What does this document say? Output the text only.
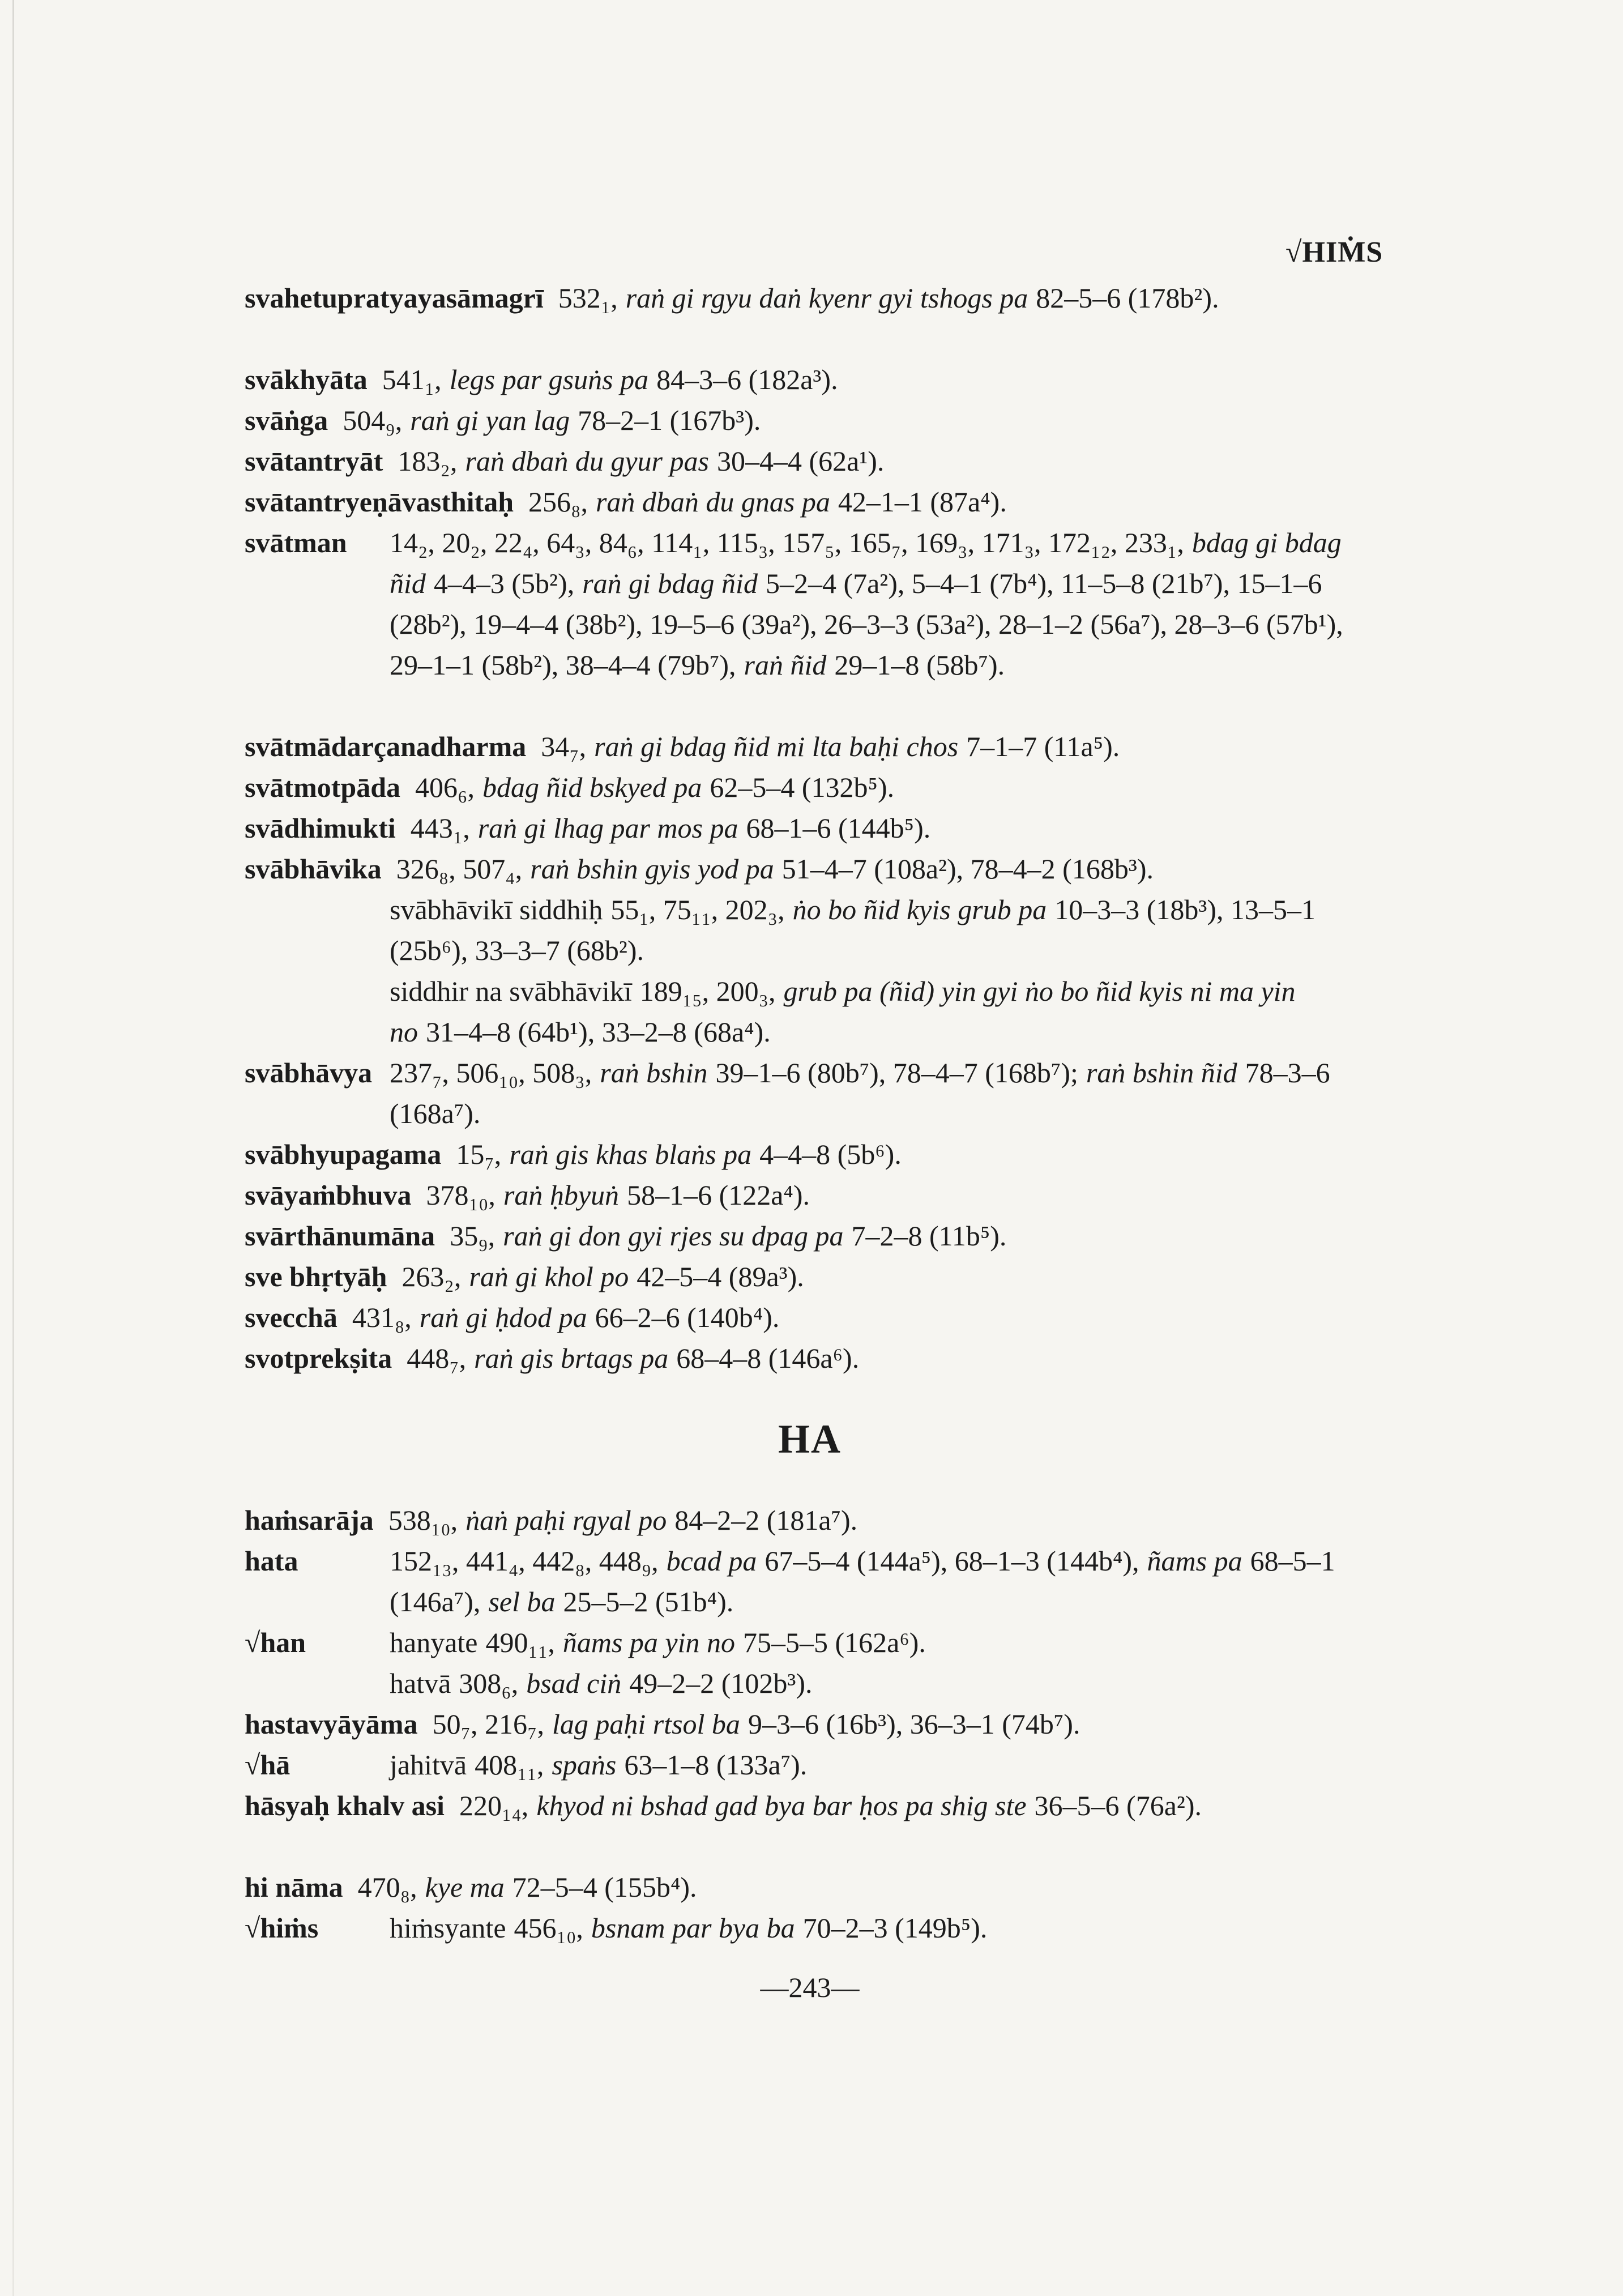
√HIṀS
svahetupratyayasāmagrī 532₁, raṅ gi rgyu daṅ kyenr gyi tshogs pa 82–5–6 (178b²).
svākhyāta 541₁, legs par gsuṅs pa 84–3–6 (182a³).
svāṅga 504₉, raṅ gi yan lag 78–2–1 (167b³).
svātantryāt 183₂, raṅ dbaṅ du gyur pas 30–4–4 (62a¹).
svātantryeṇāvasthitaḥ 256₈, raṅ dbaṅ du gnas pa 42–1–1 (87a⁴).
svātman 14₂, 20₂, 22₄, 64₃, 84₆, 114₁, 115₃, 157₅, 165₇, 169₃, 171₃, 172₁₂, 233₁, bdag gi bdag ñid 4–4–3 (5b²), raṅ gi bdag ñid 5–2–4 (7a²), 5–4–1 (7b⁴), 11–5–8 (21b⁷), 15–1–6 (28b²), 19–4–4 (38b²), 19–5–6 (39a²), 26–3–3 (53a²), 28–1–2 (56a⁷), 28–3–6 (57b¹), 29–1–1 (58b²), 38–4–4 (79b⁷), raṅ ñid 29–1–8 (58b⁷).
svātmādarçanadharma 34₇, raṅ gi bdag ñid mi lta baḥi chos 7–1–7 (11a⁵).
svātmotpāda 406₆, bdag ñid bskyed pa 62–5–4 (132b⁵).
svādhimukti 443₁, raṅ gi lhag par mos pa 68–1–6 (144b⁵).
svābhāvika 326₈, 507₄, raṅ bshin gyis yod pa 51–4–7 (108a²), 78–4–2 (168b³).
svābhāvikī siddhiḥ 55₁, 75₁₁, 202₃, ṅo bo ñid kyis grub pa 10–3–3 (18b³), 13–5–1 (25b⁶), 33–3–7 (68b²).
siddhir na svābhāvikī 189₁₅, 200₃, grub pa (ñid) yin gyi ṅo bo ñid kyis ni ma yin no 31–4–8 (64b¹), 33–2–8 (68a⁴).
svābhāvya 237₇, 506₁₀, 508₃, raṅ bshin 39–1–6 (80b⁷), 78–4–7 (168b⁷); raṅ bshin ñid 78–3–6 (168a⁷).
svābhyupagama 15₇, raṅ gis khas blaṅs pa 4–4–8 (5b⁶).
svāyaṁbhuva 378₁₀, raṅ ḥbyuṅ 58–1–6 (122a⁴).
svārthānumāna 35₉, raṅ gi don gyi rjes su dpag pa 7–2–8 (11b⁵).
sve bhṛtyāḥ 263₂, raṅ gi khol po 42–5–4 (89a³).
svecchā 431₈, raṅ gi ḥdod pa 66–2–6 (140b⁴).
svotprekṣita 448₇, raṅ gis brtags pa 68–4–8 (146a⁶).
HA
haṁsarāja 538₁₀, ṅaṅ paḥi rgyal po 84–2–2 (181a⁷).
hata	152₁₃, 441₄, 442₈, 448₉, bcad pa 67–5–4 (144a⁵), 68–1–3 (144b⁴), ñams pa 68–5–1 (146a⁷), sel ba 25–5–2 (51b⁴).
√han	hanyate 490₁₁, ñams pa yin no 75–5–5 (162a⁶).
hatvā 308₆, bsad ciṅ 49–2–2 (102b³).
hastavyāyāma 50₇, 216₇, lag paḥi rtsol ba 9–3–6 (16b³), 36–3–1 (74b⁷).
√hā	jahitvā 408₁₁, spaṅs 63–1–8 (133a⁷).
hāsyaḥ khalv asi 220₁₄, khyod ni bshad gad bya bar ḥos pa shig ste 36–5–6 (76a²).
hi nāma 470₈, kye ma 72–5–4 (155b⁴).
√hiṁs	hiṁsyante 456₁₀, bsnam par bya ba 70–2–3 (149b⁵).
—243—
